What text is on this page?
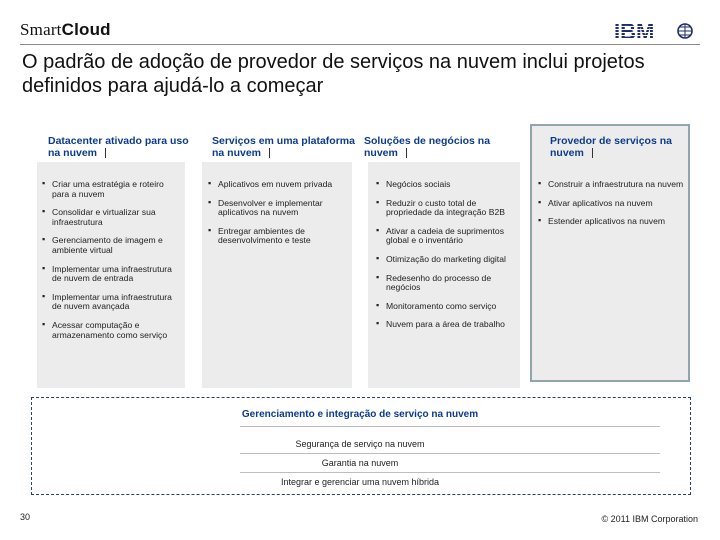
SmartCloud	IBM
O padrão de adoção de provedor de serviços na nuvem inclui projetos definidos para ajudá-lo a começar
Datacenter ativado para uso na nuvem
▪ Criar uma estratégia e roteiro para a nuvem
▪ Consolidar e virtualizar sua infraestrutura
▪ Gerenciamento de imagem e ambiente virtual
▪ Implementar uma infraestrutura de nuvem de entrada
▪ Implementar uma infraestrutura de nuvem avançada
▪ Acessar computação e armazenamento como serviço
Serviços em uma plataforma na nuvem
▪ Aplicativos em nuvem privada
▪ Desenvolver e implementar aplicativos na nuvem
▪ Entregar ambientes de desenvolvimento e teste
Soluções de negócios na nuvem
▪ Negócios sociais
▪ Reduzir o custo total de propriedade da integração B2B
▪ Ativar a cadeia de suprimentos global e o inventário
▪ Otimização do marketing digital
▪ Redesenho do processo de negócios
▪ Monitoramento como serviço
▪ Nuvem para a área de trabalho
Provedor de serviços na nuvem
▪ Construir a infraestrutura na nuvem
▪ Ativar aplicativos na nuvem
▪ Estender aplicativos na nuvem
Gerenciamento e integração de serviço na nuvem
Segurança de serviço na nuvem
Garantia na nuvem
Integrar e gerenciar uma nuvem híbrida
30	© 2011 IBM Corporation
